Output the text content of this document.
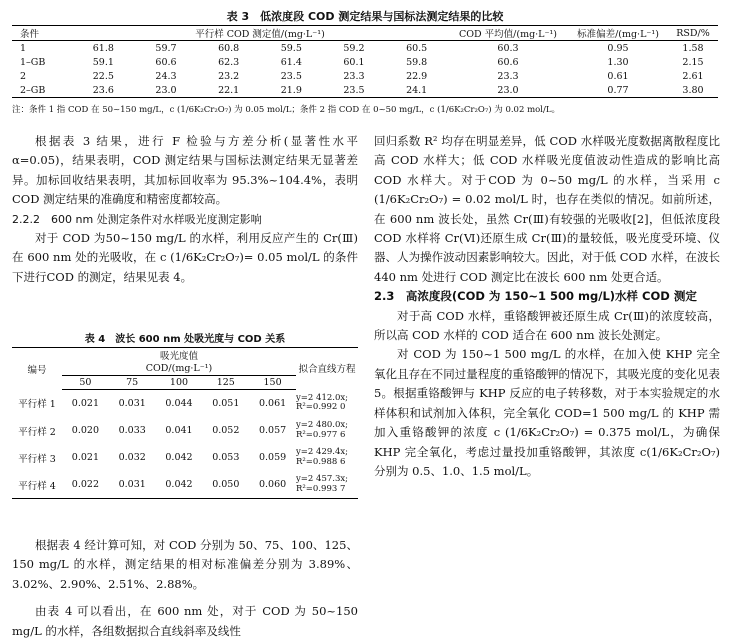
表 3　低浓度段 COD 测定结果与国标法测定结果的比较
条件	平行样 COD 测定值/(mg·L⁻¹)						COD 平均值/(mg·L⁻¹)	标准偏差/(mg·L⁻¹)	RSD/%

1	61.8	59.7	60.8	59.5	59.2	60.5	60.3	0.95	1.58
1–GB	59.1	60.6	62.3	61.4	60.1	59.8	60.6	1.30	2.15
2	22.5	24.3	23.2	23.5	23.3	22.9	23.3	0.61	2.61
2–GB	23.6	23.0	22.1	21.9	23.5	24.1	23.0	0.77	3.80
注：条件 1 指 COD 在 50~150 mg/L，c (1/6K₂Cr₂O₇) 为 0.05 mol/L；条件 2 指 COD 在 0~50 mg/L，c (1/6K₂Cr₂O₇) 为 0.02 mol/L。

根据表 3 结果，进行 F 检验与方差分析(显著性水平 α=0.05)，结果表明，COD 测定结果与国标法测定结果无显著差异。加标回收结果表明，其加标回收率为 95.3%~104.4%，表明 COD 测定结果的准确度和精密度都较高。

2.2.2　600 nm 处测定条件对水样吸光度测定影响

对于 COD 为50~150 mg/L 的水样，利用反应产生的 Cr(Ⅲ)在 600 nm 处的光吸收，在 c (1/6K₂Cr₂O₇)= 0.05 mol/L 的条件下进行COD 的测定，结果见表 4。

表 4　波长 600 nm 处吸光度与 COD 关系
编号	吸光度值					拟合直线方程
	COD/(mg·L⁻¹)					
	50	75	100	125	150	
平行样 1	0.021	0.031	0.044	0.051	0.061	y=2 412.0x;
R²=0.992 0

平行样 2	0.020	0.033	0.041	0.052	0.057	y=2 480.0x;
R²=0.977 6

平行样 3	0.021	0.032	0.042	0.053	0.059	y=2 429.4x;
R²=0.988 6

平行样 4	0.022	0.031	0.042	0.050	0.060	y=2 457.3x;
R²=0.993 7

根据表 4 经计算可知，对 COD 分别为 50、75、100、125、150 mg/L 的水样，测定结果的相对标准偏差分别为 3.89%、3.02%、2.90%、2.51%、2.88%。

由表 4 可以看出，在 600 nm 处，对于 COD 为 50~150 mg/L 的水样，各组数据拟合直线斜率及线性

回归系数 R² 均存在明显差异，低 COD 水样吸光度数据离散程度比高 COD 水样大；低 COD 水样吸光度值波动性造成的影响比高 COD 水样大。对于COD 为 0~50 mg/L 的水样，当采用 c (1/6K₂Cr₂O₇) = 0.02 mol/L 时，也存在类似的情况。如前所述，在 600 nm 波长处，虽然 Cr(Ⅲ)有较强的光吸收[2]，但低浓度段 COD 水样将 Cr(Ⅵ)还原生成 Cr(Ⅲ)的量较低，吸光度受环境、仪器、人为操作波动因素影响较大。因此，对于低 COD 水样，在波长 440 nm 处进行 COD 测定比在波长 600 nm 处更合适。

2.3　高浓度段(COD 为 150~1 500 mg/L)水样 COD 测定

对于高 COD 水样，重铬酸钾被还原生成 Cr(Ⅲ)的浓度较高，所以高 COD 水样的 COD 适合在 600 nm 波长处测定。

对 COD 为 150~1 500 mg/L 的水样，在加入使 KHP 完全氧化且存在不同过量程度的重铬酸钾的情况下，其吸光度的变化见表 5。根据重铬酸钾与 KHP 反应的电子转移数，对于本实验规定的水样体积和试剂加入体积，完全氧化 COD=1 500 mg/L 的 KHP 需加入重铬酸钾的浓度 c (1/6K₂Cr₂O₇) = 0.375 mol/L，为确保 KHP 完全氧化，考虑过量投加重铬酸钾，其浓度 c(1/6K₂Cr₂O₇) 分别为 0.5、1.0、1.5 mol/L。
